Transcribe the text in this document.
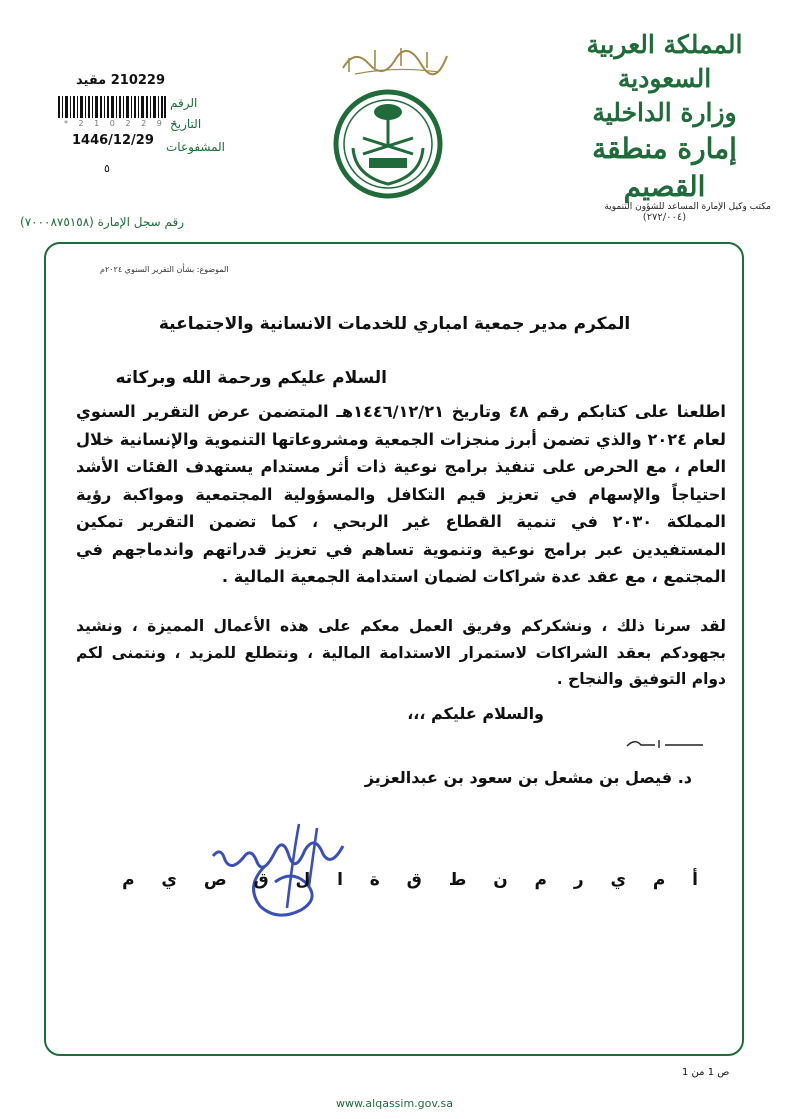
المملكة العربية السعودية
وزارة الداخلية
إمارة منطقة القصيم
(٢٧٢/٠٠٤)
مكتب وكيل الإمارة المساعد للشؤون التنموية
210229 مقيد
* 2 1 0 2 2 9 *
الرقم
التاريخ
المشفوعات
1446/12/29
٥
رقم سجل الإمارة (٧٠٠٠٨٧٥١٥٨)
الموضوع: بشأن التقرير السنوي ٢٠٢٤م
المكرم مدير جمعية امباري للخدمات الانسانية والاجتماعية
السلام عليكم ورحمة الله وبركاته
اطلعنا على كتابكم رقم ٤٨ وتاريخ ١٤٤٦/١٢/٢١هـ المتضمن عرض التقرير السنوي لعام ٢٠٢٤ والذي تضمن أبرز منجزات الجمعية ومشروعاتها التنموية والإنسانية خلال العام ، مع الحرص على تنفيذ برامج نوعية ذات أثر مستدام يستهدف الفئات الأشد احتياجاً والإسهام في تعزيز قيم التكافل والمسؤولية المجتمعية ومواكبة رؤية المملكة ٢٠٣٠ في تنمية القطاع غير الربحي ، كما تضمن التقرير تمكين المستفيدين عبر برامج نوعية وتنموية تساهم في تعزيز قدراتهم واندماجهم في المجتمع ، مع عقد عدة شراكات لضمان استدامة الجمعية المالية .
لقد سرنا ذلك ، ونشكركم وفريق العمل معكم على هذه الأعمال المميزة ، ونشيد بجهودكم بعقد الشراكات لاستمرار الاستدامة المالية ، ونتطلع للمزيد ، ونتمنى لكم دوام التوفيق والنجاح .
والسلام عليكم ،،،
د. فيصل بن مشعل بن سعود بن عبدالعزيز
أ
م
ي
ر
م
ن
ط
ق
ة
ا
ل
ق
ص
ي
م
ص 1 من 1
www.alqassim.gov.sa
